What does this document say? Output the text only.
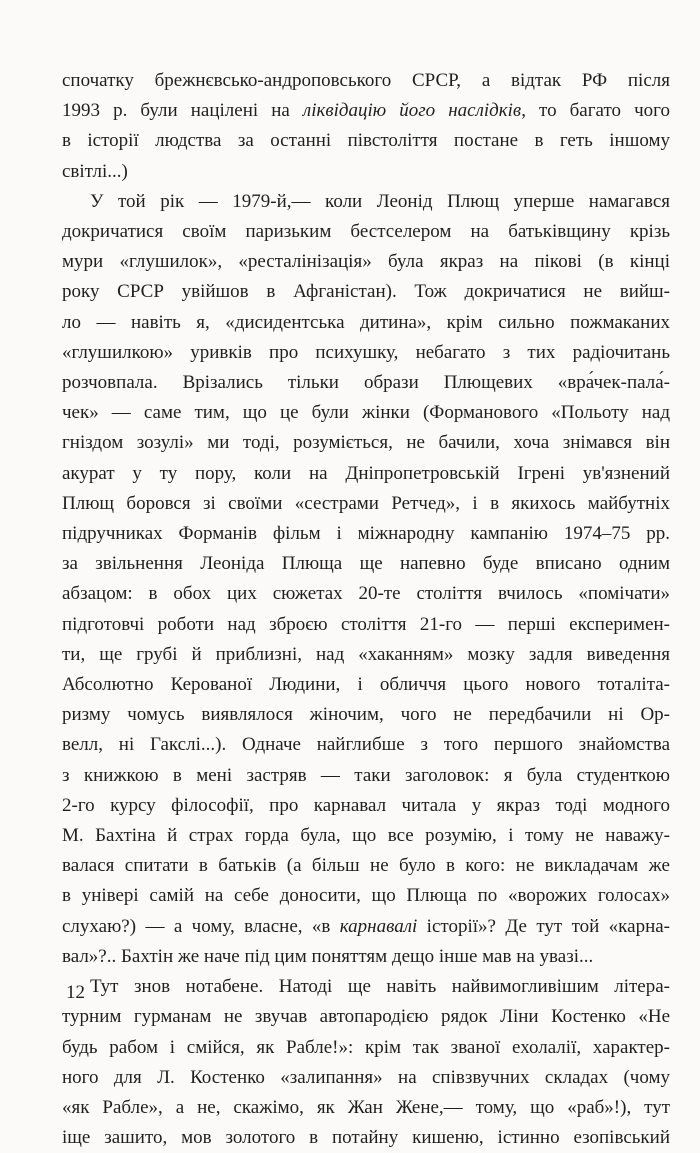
спочатку брежнєвсько-андроповського СРСР, а відтак РФ після
1993 р. були націлені на ліквідацію його наслідків, то багато чого
в історії людства за останні півстоліття постане в геть іншому
світлі...)
У той рік — 1979-й,— коли Леонід Плющ уперше намагався
докричатися своїм паризьким бестселером на батьківщину крізь
мури «глушилок», «ресталінізація» була якраз на пікові (в кінці
року СРСР увійшов в Афганістан). Тож докричатися не вийш-
ло — навіть я, «дисидентська дитина», крім сильно пожмаканих
«глушилкою» уривків про психушку, небагато з тих радіочитань
розчовпала. Врізались тільки образи Плющевих «вра́чек-пала́-
чек» — саме тим, що це були жінки (Форманового «Польоту над
гніздом зозулі» ми тоді, розуміється, не бачили, хоча знімався він
акурат у ту пору, коли на Дніпропетровській Ігрені ув'язнений
Плющ боровся зі своїми «сестрами Ретчед», і в якихось майбутніх
підручниках Форманів фільм і міжнародну кампанію 1974–75 рр.
за звільнення Леоніда Плюща ще напевно буде вписано одним
абзацом: в обох цих сюжетах 20-те століття вчилось «помічати»
підготовчі роботи над зброєю століття 21-го — перші експеримен-
ти, ще грубі й приблизні, над «хаканням» мозку задля виведення
Абсолютно Керованої Людини, і обличчя цього нового тоталіта-
ризму чомусь виявлялося жіночим, чого не передбачили ні Ор-
велл, ні Гакслі...). Одначе найглибше з того першого знайомства
з книжкою в мені застряв — таки заголовок: я була студенткою
2-го курсу філософії, про карнавал читала у якраз тоді модного
М. Бахтіна й страх горда була, що все розумію, і тому не наважу-
валася спитати в батьків (а більш не було в кого: не викладачам же
в універі самій на себе доносити, що Плюща по «ворожих голосах»
слухаю?) — а чому, власне, «в карнавалі історії»? Де тут той «карна-
вал»?.. Бахтін же наче під цим поняттям дещо інше мав на увазі...
Тут знов нотабене. Натоді ще навіть найвимогливішим літера-
турним гурманам не звучав автопародією рядок Ліни Костенко «Не
будь рабом і смійся, як Рабле!»: крім так званої ехолалії, характер-
ного для Л. Костенко «залипання» на співзвучних складах (чому
«як Рабле», а не, скажімо, як Жан Жене,— тому, що «раб»!), тут
іще зашито, мов золотого в потайну кишеню, істинно езопівський
12
